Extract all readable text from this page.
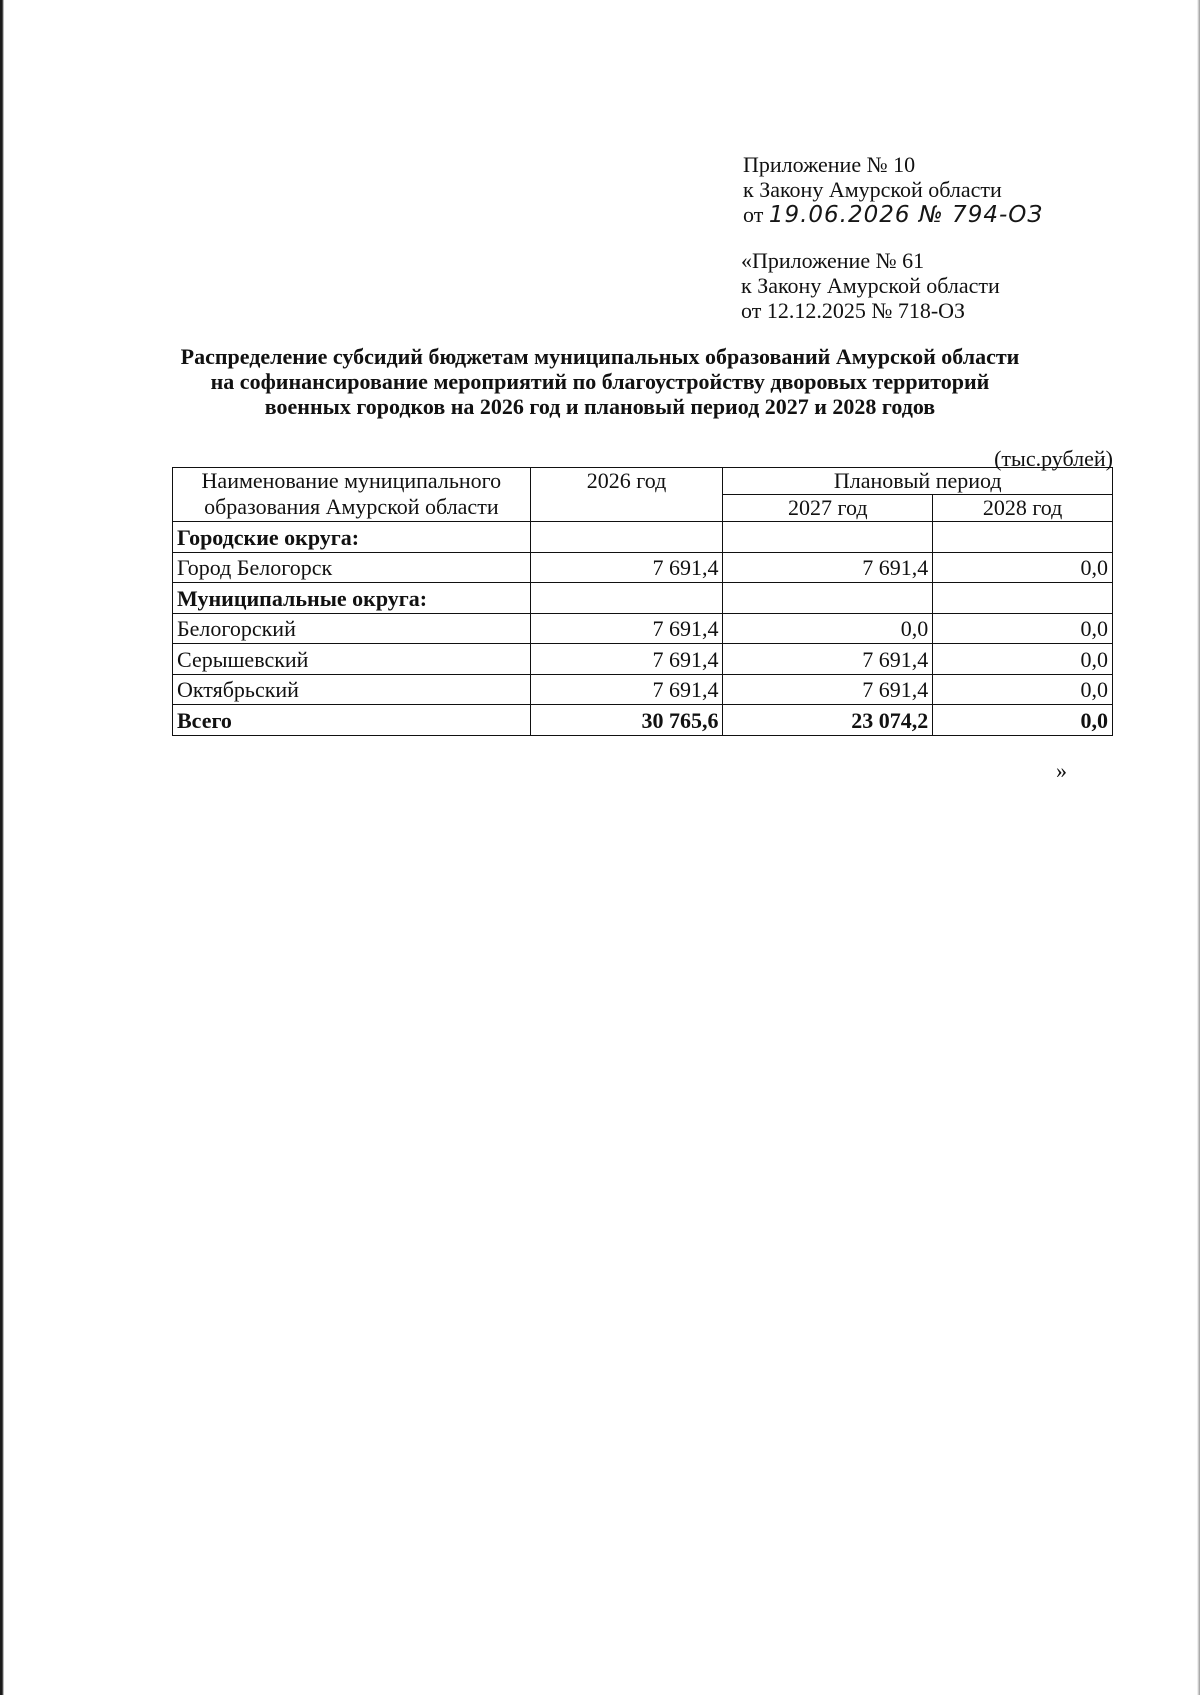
Приложение № 10
к Закону Амурской области
от 19.06.2026 № 794-ОЗ
«Приложение № 61
к Закону Амурской области
от 12.12.2025 № 718-ОЗ
Распределение субсидий бюджетам муниципальных образований Амурской области
на софинансирование мероприятий по благоустройству дворовых территорий
военных городков на 2026 год и плановый период 2027 и 2028 годов
(тыс.рублей)
Наименование муниципального
образования Амурской области	2026 год	Плановый период	
		2027 год	2028 год
Городские округа:			
Город Белогорск	7 691,4	7 691,4	0,0
Муниципальные округа:			
Белогорский	7 691,4	0,0	0,0
Серышевский	7 691,4	7 691,4	0,0
Октябрьский	7 691,4	7 691,4	0,0
Всего	30 765,6	23 074,2	0,0
»
